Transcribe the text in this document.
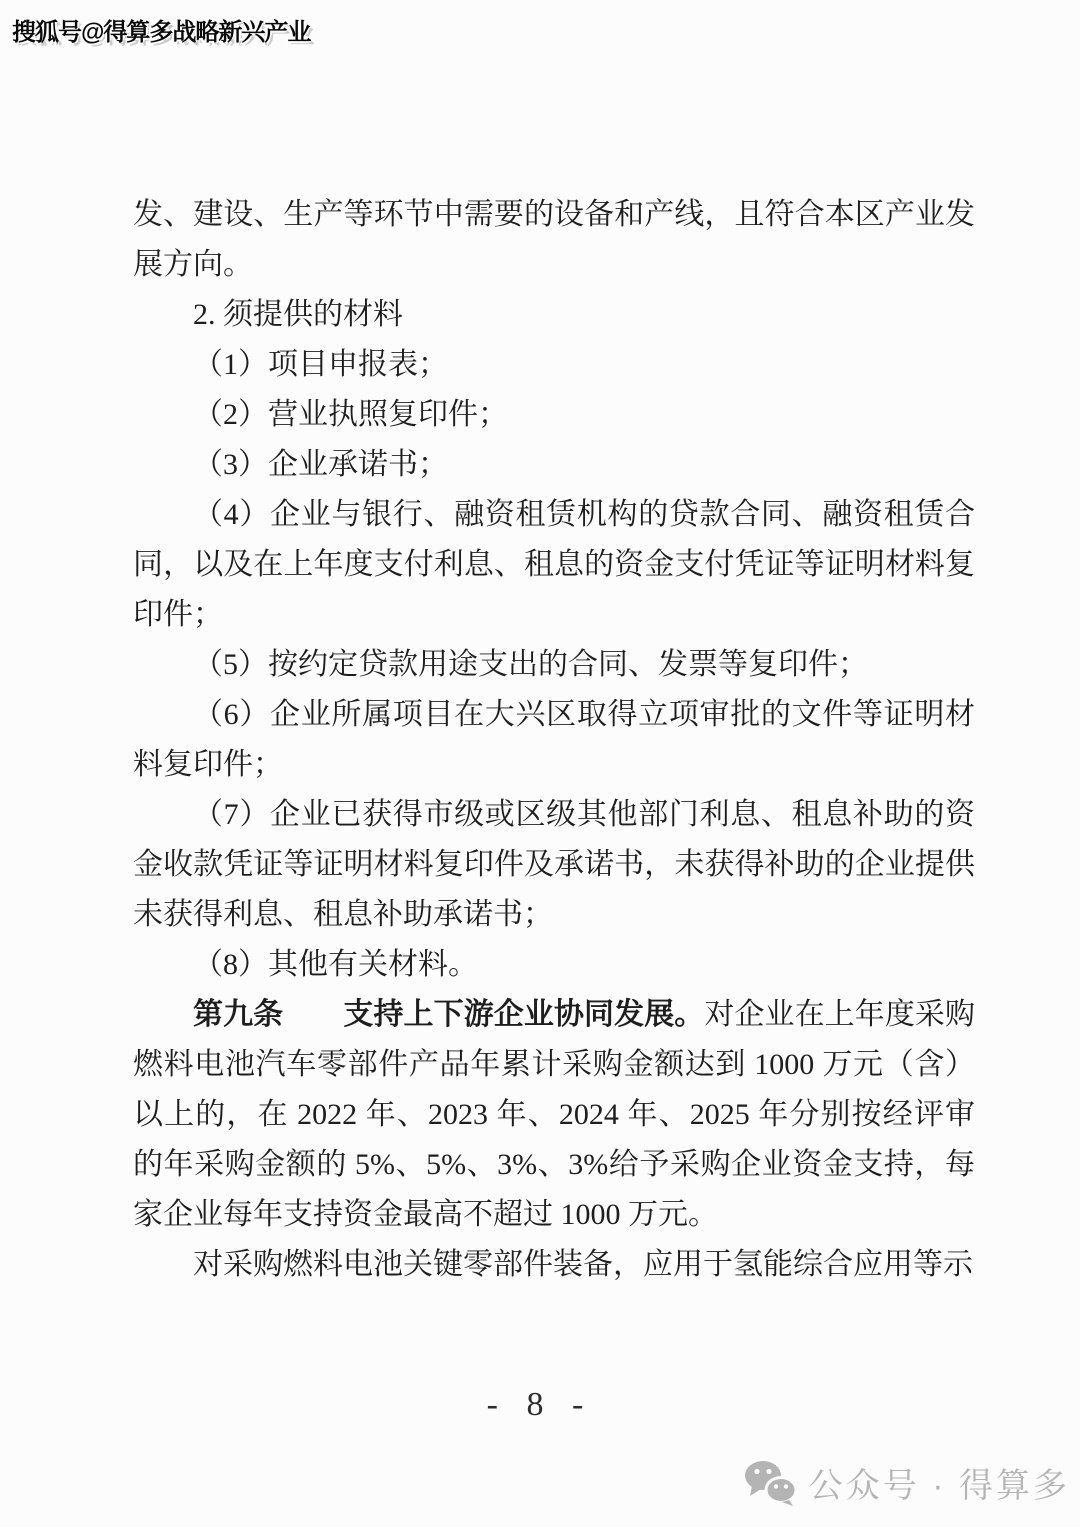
搜狐号@得算多战略新兴产业

发、建设、生产等环节中需要的设备和产线，且符合本区产业发展方向。

2. 须提供的材料

（1）项目申报表；

（2）营业执照复印件；

（3）企业承诺书；

（4）企业与银行、融资租赁机构的贷款合同、融资租赁合同，以及在上年度支付利息、租息的资金支付凭证等证明材料复印件；

（5）按约定贷款用途支出的合同、发票等复印件；

（6）企业所属项目在大兴区取得立项审批的文件等证明材料复印件；

（7）企业已获得市级或区级其他部门利息、租息补助的资金收款凭证等证明材料复印件及承诺书，未获得补助的企业提供未获得利息、租息补助承诺书；

（8）其他有关材料。

第九条　　支持上下游企业协同发展。对企业在上年度采购燃料电池汽车零部件产品年累计采购金额达到 1000 万元（含）以上的，在 2022 年、2023 年、2024 年、2025 年分别按经评审的年采购金额的 5%、5%、3%、3%给予采购企业资金支持，每家企业每年支持资金最高不超过 1000 万元。

对采购燃料电池关键零部件装备，应用于氢能综合应用等示

- 8 -
公众号 · 得算多
